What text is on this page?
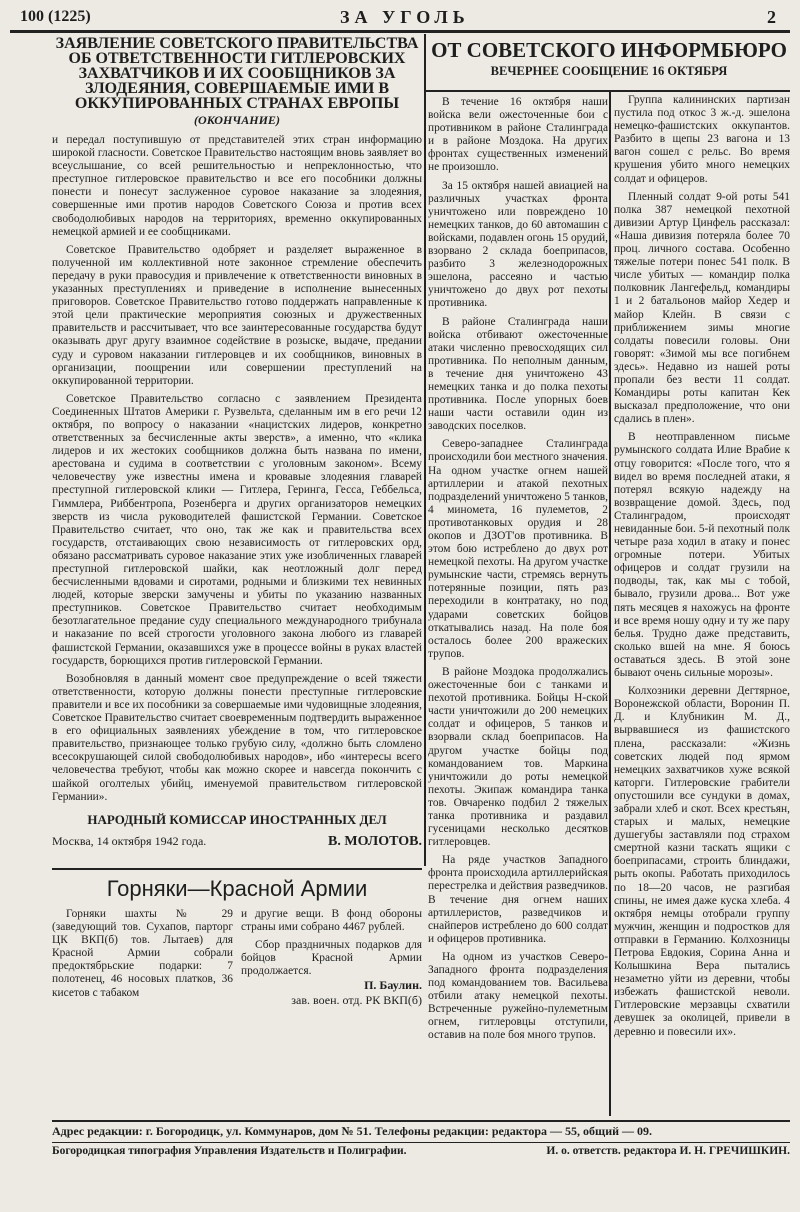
100 (1225)	ЗА УГОЛЬ	2
ЗАЯВЛЕНИЕ СОВЕТСКОГО ПРАВИТЕЛЬСТВА ОБ ОТВЕТСТВЕННОСТИ ГИТЛЕРОВСКИХ ЗАХВАТЧИКОВ И ИХ СООБЩНИКОВ ЗА ЗЛОДЕЯНИЯ, СОВЕРШАЕМЫЕ ИМИ В ОККУПИРОВАННЫХ СТРАНАХ ЕВРОПЫ
(ОКОНЧАНИЕ)

и передал поступившую от представителей этих стран информацию широкой гласности. Советское Правительство настоящим вновь заявляет во всеуслышание, со всей решительностью и непреклонностью, что преступное гитлеровское правительство и все его пособники должны понести и понесут заслуженное суровое наказание за злодеяния, совершенные ими против народов Советского Союза и против всех свободолюбивых народов на территориях, временно оккупированных немецкой армией и ее сообщниками.

Советское Правительство одобряет и разделяет выраженное в полученной им коллективной ноте законное стремление обеспечить передачу в руки правосудия и привлечение к ответственности виновных в указанных преступлениях и приведение в исполнение вынесенных приговоров. Советское Правительство готово поддержать направленные к этой цели практические мероприятия союзных и дружественных правительств и рассчитывает, что все заинтересованные государства будут оказывать друг другу взаимное содействие в розыске, выдаче, предании суду и суровом наказании гитлеровцев и их сообщников, виновных в организации, поощрении или совершении преступлений на оккупированной территории.

Советское Правительство согласно с заявлением Президента Соединенных Штатов Америки г. Рузвельта, сделанным им в его речи 12 октября, по вопросу о наказании «нацистских лидеров, конкретно ответственных за бесчисленные акты зверств», а именно, что «клика лидеров и их жестоких сообщников должна быть названа по имени, арестована и судима в соответствии с уголовным законом». Всему человечеству уже известны имена и кровавые злодеяния главарей преступной гитлеровской клики — Гитлера, Геринга, Гесса, Геббельса, Гиммлера, Риббентропа, Розенберга и других организаторов немецких зверств из числа руководителей фашистской Германии. Советское Правительство считает, что оно, так же как и правительства всех государств, отстаивающих свою независимость от гитлеровских орд, обязано рассматривать суровое наказание этих уже изобличенных главарей преступной гитлеровской шайки, как неотложный долг перед бесчисленными вдовами и сиротами, родными и близкими тех невинных людей, которые зверски замучены и убиты по указанию названных преступников. Советское Правительство считает необходимым безотлагательное предание суду специального международного трибунала и наказание по всей строгости уголовного закона любого из главарей фашистской Германии, оказавшихся уже в процессе войны в руках властей государств, борющихся против гитлеровской Германии.

Возобновляя в данный момент свое предупреждение о всей тяжести ответственности, которую должны понести преступные гитлеровские правители и все их пособники за совершаемые ими чудовищные злодеяния, Советское Правительство считает своевременным подтвердить выраженное в его официальных заявлениях убеждение в том, что гитлеровское правительство, признающее только грубую силу, «должно быть сломлено всесокрушающей силой свободолюбивых народов», ибо «интересы всего человечества требуют, чтобы как можно скорее и навсегда покончить с шайкой оголтелых убийц, именуемой правительством гитлеровской Германии».

НАРОДНЫЙ КОМИССАР ИНОСТРАННЫХ ДЕЛ
Москва, 14 октября 1942 года.	В. МОЛОТОВ.
ОТ СОВЕТСКОГО ИНФОРМБЮРО
ВЕЧЕРНЕЕ СООБЩЕНИЕ 16 ОКТЯБРЯ

В течение 16 октября наши войска вели ожесточенные бои с противником в районе Сталинграда и в районе Моздока. На других фронтах существенных изменений не произошло.

За 15 октября нашей авиацией на различных участках фронта уничтожено или повреждено 10 немецких танков, до 60 автомашин с войсками, подавлен огонь 15 орудий, взорвано 2 склада боеприпасов, разбито 3 железнодорожных эшелона, рассеяно и частью уничтожено до двух рот пехоты противника.

В районе Сталинграда наши войска отбивают ожесточенные атаки численно превосходящих сил противника. По неполным данным, в течение дня уничтожено 43 немецких танка и до полка пехоты противника. После упорных боев наши части оставили один из заводских поселков.

Северо-западнее Сталинграда происходили бои местного значения. На одном участке огнем нашей артиллерии и атакой пехотных подразделений уничтожено 5 танков, 4 миномета, 16 пулеметов, 2 противотанковых орудия и 28 окопов и ДЗОТ'ов противника. В этом бою истреблено до двух рот немецкой пехоты. На другом участке румынские части, стремясь вернуть потерянные позиции, пять раз переходили в контратаку, но под ударами советских бойцов откатывались назад. На поле боя осталось более 200 вражеских трупов.

В районе Моздока продолжались ожесточенные бои с танками и пехотой противника. Бойцы Н-ской части уничтожили до 200 немецких солдат и офицеров, 5 танков и взорвали склад боеприпасов. На другом участке бойцы под командованием тов. Маркина уничтожили до роты немецкой пехоты. Экипаж командира танка тов. Овчаренко подбил 2 тяжелых танка противника и раздавил гусеницами несколько десятков гитлеровцев.

На ряде участков Западного фронта происходила артиллерийская перестрелка и действия разведчиков. В течение дня огнем наших артиллеристов, разведчиков и снайперов истреблено до 600 солдат и офицеров противника.

На одном из участков Северо-Западного фронта подразделения под командованием тов. Васильева отбили атаку немецкой пехоты. Встреченные ружейно-пулеметным огнем, гитлеровцы отступили, оставив на поле боя много трупов.

Группа калининских партизан пустила под откос 3 ж.-д. эшелона немецко-фашистских оккупантов. Разбито в щепы 23 вагона и 13 вагон сошел с рельс. Во время крушения убито много немецких солдат и офицеров.

Пленный солдат 9-ой роты 541 полка 387 немецкой пехотной дивизии Артур Цинфель рассказал: «Наша дивизия потеряла более 70 проц. личного состава. Особенно тяжелые потери понес 541 полк. В числе убитых — командир полка полковник Лангефельд, командиры 1 и 2 батальонов майор Хедер и майор Клейн. В связи с приближением зимы многие солдаты повесили головы. Они говорят: «Зимой мы все погибнем здесь». Недавно из нашей роты пропали без вести 11 солдат. Командиры роты капитан Кек высказал предположение, что они сдались в плен».

В неотправленном письме румынского солдата Илие Врабие к отцу говорится: «После того, что я видел во время последней атаки, я потерял всякую надежду на возвращение домой. Здесь, под Сталинградом, происходят невиданные бои. 5-й пехотный полк четыре раза ходил в атаку и понес огромные потери. Убитых офицеров и солдат грузили на подводы, так, как мы с тобой, бывало, грузили дрова... Вот уже пять месяцев я нахожусь на фронте и все время ношу одну и ту же пару белья. Трудно даже представить, сколько вшей на мне. Я боюсь оставаться здесь. В этой зоне бывают очень сильные морозы».

Колхозники деревни Дегтярное, Воронежской области, Воронин П. Д. и Клубникин М. Д., вырвавшиеся из фашистского плена, рассказали: «Жизнь советских людей под ярмом немецких захватчиков хуже всякой каторги. Гитлеровские грабители опустошили все сундуки в домах, забрали хлеб и скот. Всех крестьян, старых и малых, немецкие душегубы заставляли под страхом смертной казни таскать ящики с боеприпасами, строить блиндажи, рыть окопы. Работать приходилось по 18—20 часов, не разгибая спины, не имея даже куска хлеба. 4 октября немцы отобрали группу мужчин, женщин и подростков для отправки в Германию. Колхозницы Петрова Евдокия, Сорина Анна и Колышкина Вера пытались незаметно уйти из деревни, чтобы избежать фашистской неволи. Гитлеровские мерзавцы схватили девушек за околицей, привели в деревню и повесили их».

Горняки—Красной Армии

Горняки шахты № 29 (заведующий тов. Сухапов, парторг ЦК ВКП(б) тов. Лытаев) для Красной Армии собрали предоктябрьские подарки: 7 полотенец, 46 носовых платков, 36 кисетов с табаком

и другие вещи. В фонд обороны страны ими собрано 4467 рублей.

Сбор праздничных подарков для бойцов Красной Армии продолжается.

П. Баулин.
зав. воен. отд. РК ВКП(б)
Адрес редакции: г. Богородицк, ул. Коммунаров, дом № 51. Телефоны редакции: редактора — 55, общий — 09.
Богородицкая типография Управления Издательств и Полиграфии.	И. о. ответств. редактора И. Н. ГРЕЧИШКИН.
